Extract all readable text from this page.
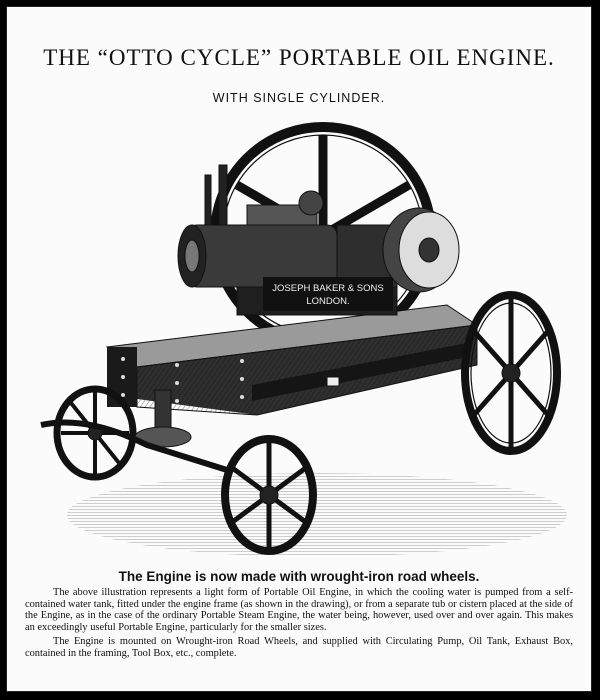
THE “OTTO CYCLE” PORTABLE OIL ENGINE.
WITH SINGLE CYLINDER.
JOSEPH BAKER & SONS
LONDON.
The Engine is now made with wrought-iron road wheels.

The above illustration represents a light form of Portable Oil Engine, in which the cooling water is pumped from a self-contained water tank, fitted under the engine frame (as shown in the drawing), or from a separate tub or cistern placed at the side of the Engine, as in the case of the ordinary Portable Steam Engine, the water being, however, used over and over again. This makes an exceedingly useful Portable Engine, particularly for the smaller sizes.

The Engine is mounted on Wrought-iron Road Wheels, and supplied with Circulating Pump, Oil Tank, Exhaust Box, contained in the framing, Tool Box, etc., complete.
